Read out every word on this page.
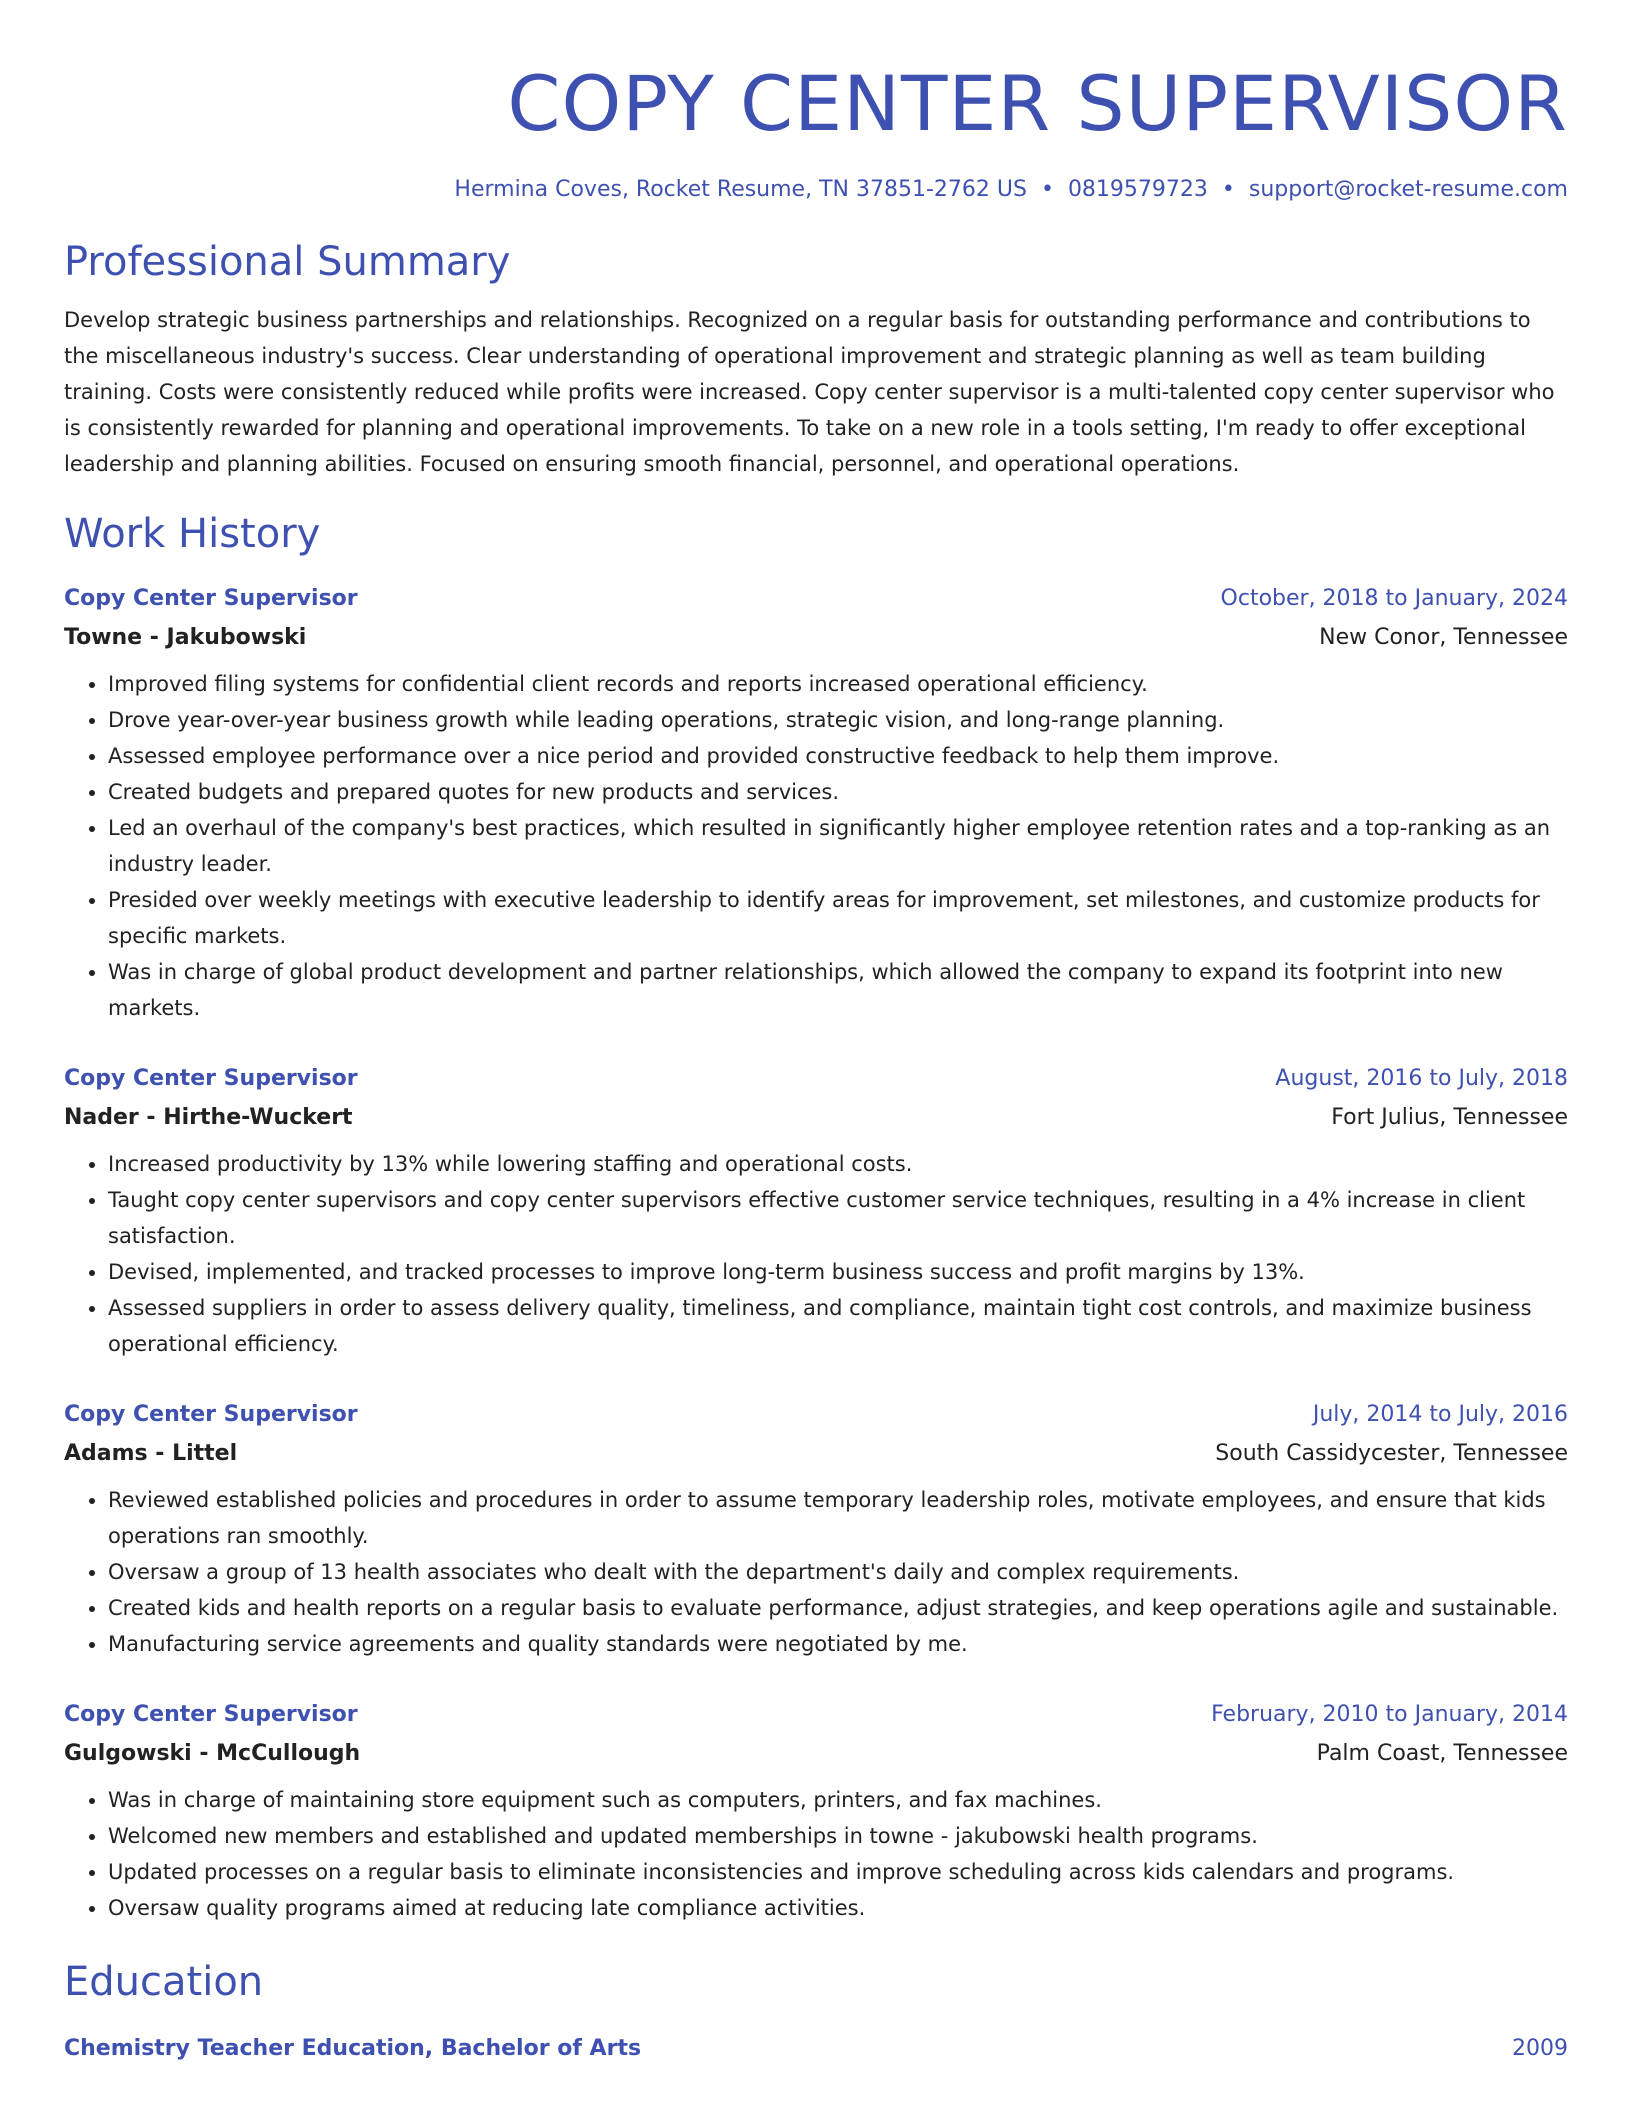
COPY CENTER SUPERVISOR
Hermina Coves, Rocket Resume, TN 37851-2762 US • 0819579723 • support@rocket-resume.com
Professional Summary
Develop strategic business partnerships and relationships. Recognized on a regular basis for outstanding performance and contributions to the miscellaneous industry's success. Clear understanding of operational improvement and strategic planning as well as team building training. Costs were consistently reduced while profits were increased. Copy center supervisor is a multi-talented copy center supervisor who is consistently rewarded for planning and operational improvements. To take on a new role in a tools setting, I'm ready to offer exceptional leadership and planning abilities. Focused on ensuring smooth financial, personnel, and operational operations.
Work History
Copy Center Supervisor	October, 2018 to January, 2024
Towne - Jakubowski	New Conor, Tennessee
• Improved filing systems for confidential client records and reports increased operational efficiency.
• Drove year-over-year business growth while leading operations, strategic vision, and long-range planning.
• Assessed employee performance over a nice period and provided constructive feedback to help them improve.
• Created budgets and prepared quotes for new products and services.
• Led an overhaul of the company's best practices, which resulted in significantly higher employee retention rates and a top-ranking as an industry leader.
• Presided over weekly meetings with executive leadership to identify areas for improvement, set milestones, and customize products for specific markets.
• Was in charge of global product development and partner relationships, which allowed the company to expand its footprint into new markets.
Copy Center Supervisor	August, 2016 to July, 2018
Nader - Hirthe-Wuckert	Fort Julius, Tennessee
• Increased productivity by 13% while lowering staffing and operational costs.
• Taught copy center supervisors and copy center supervisors effective customer service techniques, resulting in a 4% increase in client satisfaction.
• Devised, implemented, and tracked processes to improve long-term business success and profit margins by 13%.
• Assessed suppliers in order to assess delivery quality, timeliness, and compliance, maintain tight cost controls, and maximize business operational efficiency.
Copy Center Supervisor	July, 2014 to July, 2016
Adams - Littel	South Cassidycester, Tennessee
• Reviewed established policies and procedures in order to assume temporary leadership roles, motivate employees, and ensure that kids operations ran smoothly.
• Oversaw a group of 13 health associates who dealt with the department's daily and complex requirements.
• Created kids and health reports on a regular basis to evaluate performance, adjust strategies, and keep operations agile and sustainable.
• Manufacturing service agreements and quality standards were negotiated by me.
Copy Center Supervisor	February, 2010 to January, 2014
Gulgowski - McCullough	Palm Coast, Tennessee
• Was in charge of maintaining store equipment such as computers, printers, and fax machines.
• Welcomed new members and established and updated memberships in towne - jakubowski health programs.
• Updated processes on a regular basis to eliminate inconsistencies and improve scheduling across kids calendars and programs.
• Oversaw quality programs aimed at reducing late compliance activities.
Education
Chemistry Teacher Education, Bachelor of Arts	2009
